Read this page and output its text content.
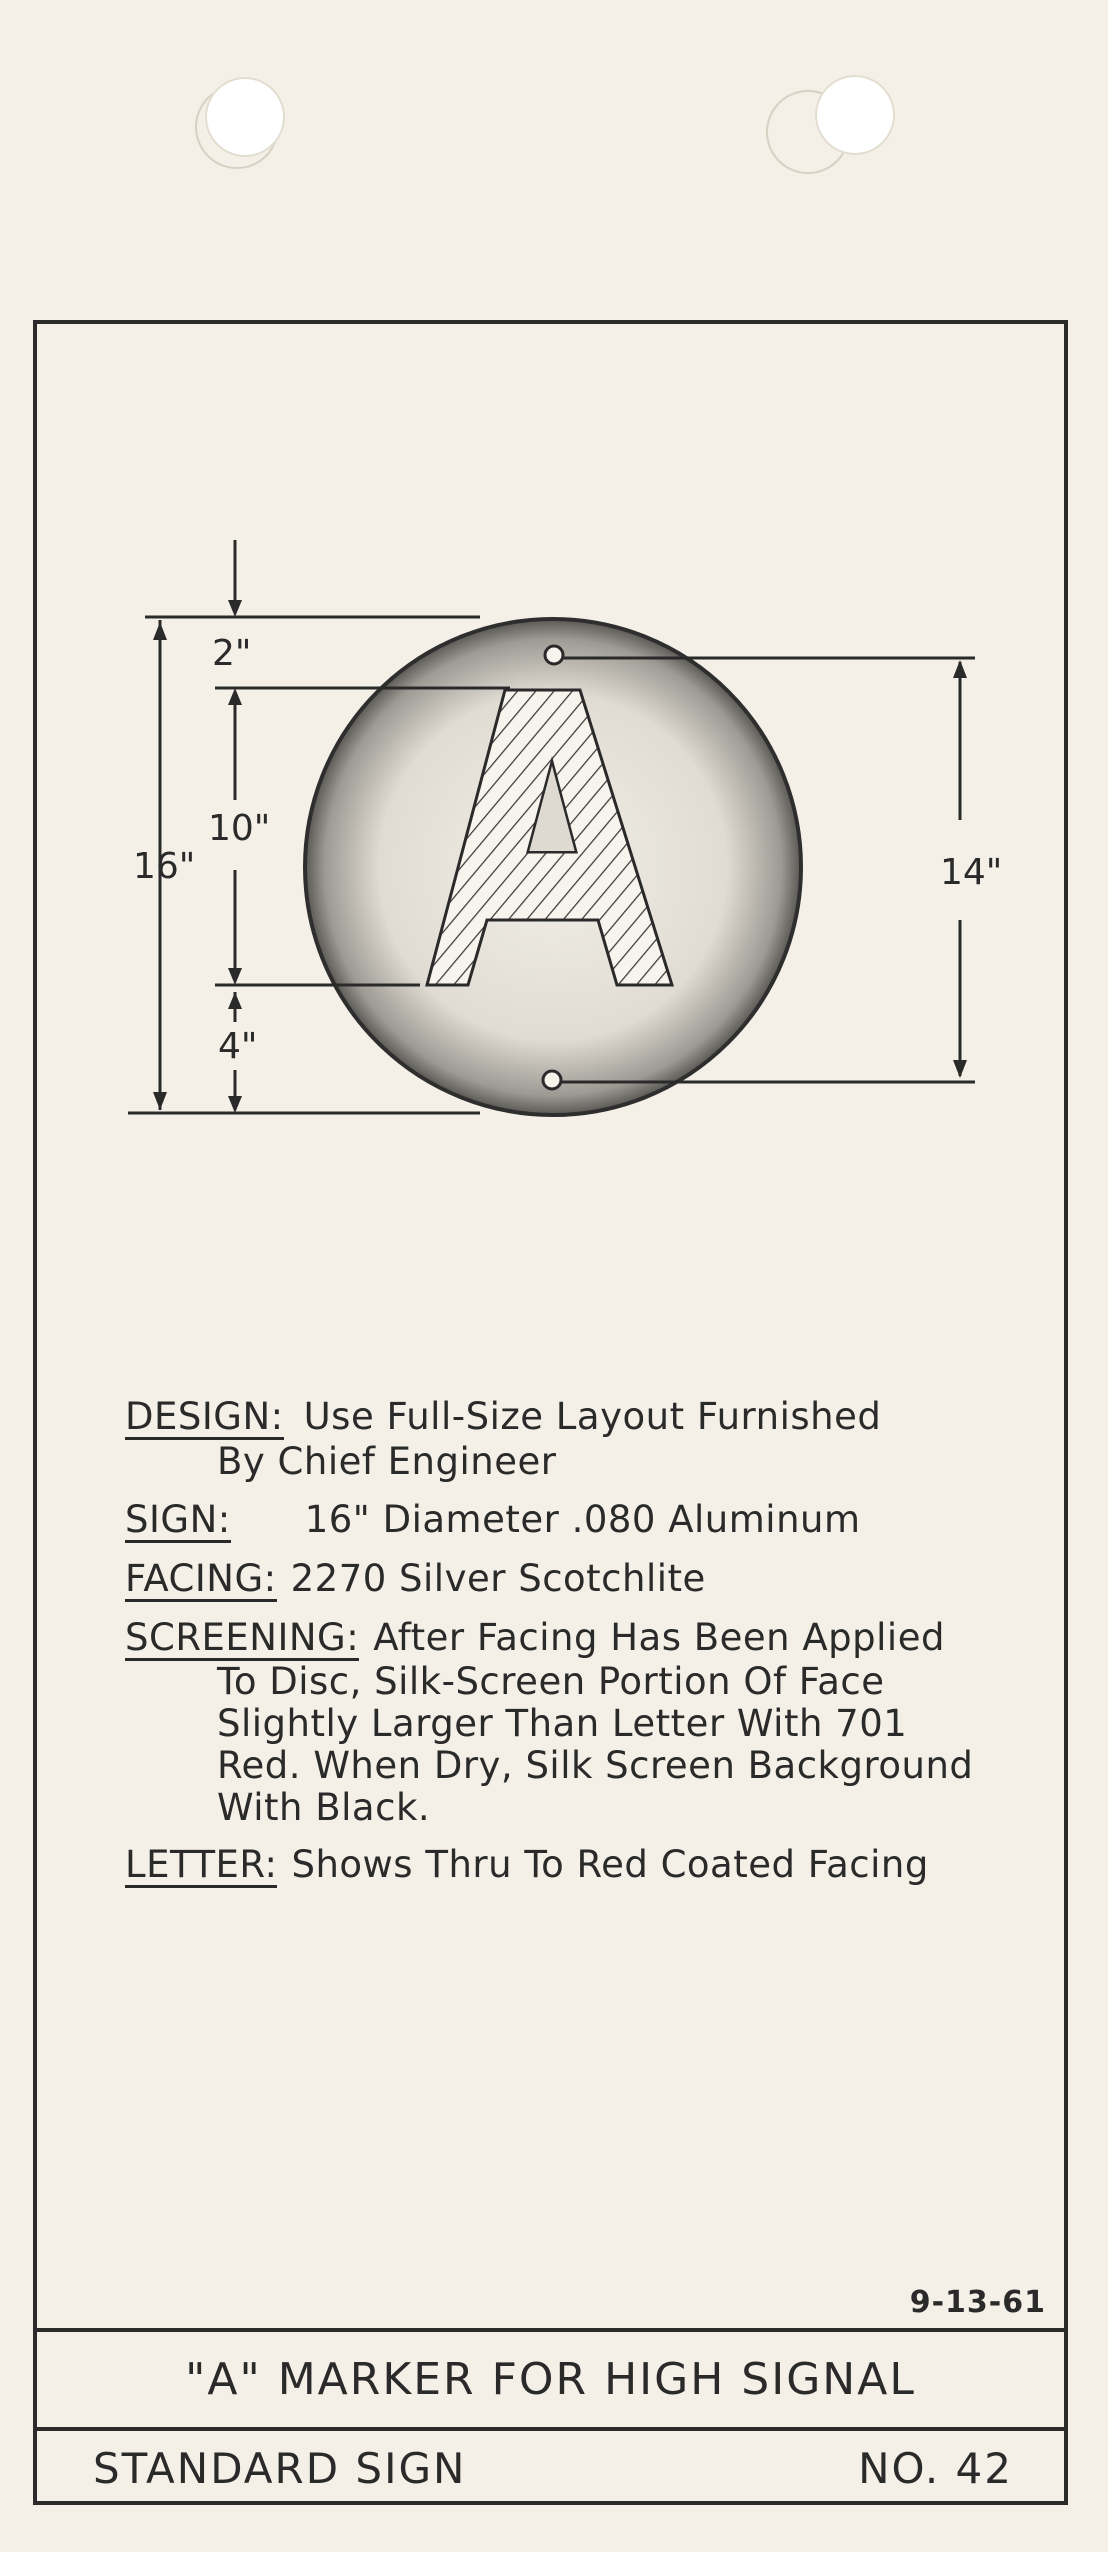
2"
10"
4"
16"	14"
DESIGN: Use Full-Size Layout Furnished
By Chief Engineer
SIGN: 16" Diameter .080 Aluminum
FACING: 2270 Silver Scotchlite
SCREENING: After Facing Has Been Applied
To Disc, Silk-Screen Portion Of Face
Slightly Larger Than Letter With 701
Red. When Dry, Silk Screen Background
With Black.
LETTER: Shows Thru To Red Coated Facing
9-13-61
"A" MARKER FOR HIGH SIGNAL
STANDARD SIGN	NO. 42
